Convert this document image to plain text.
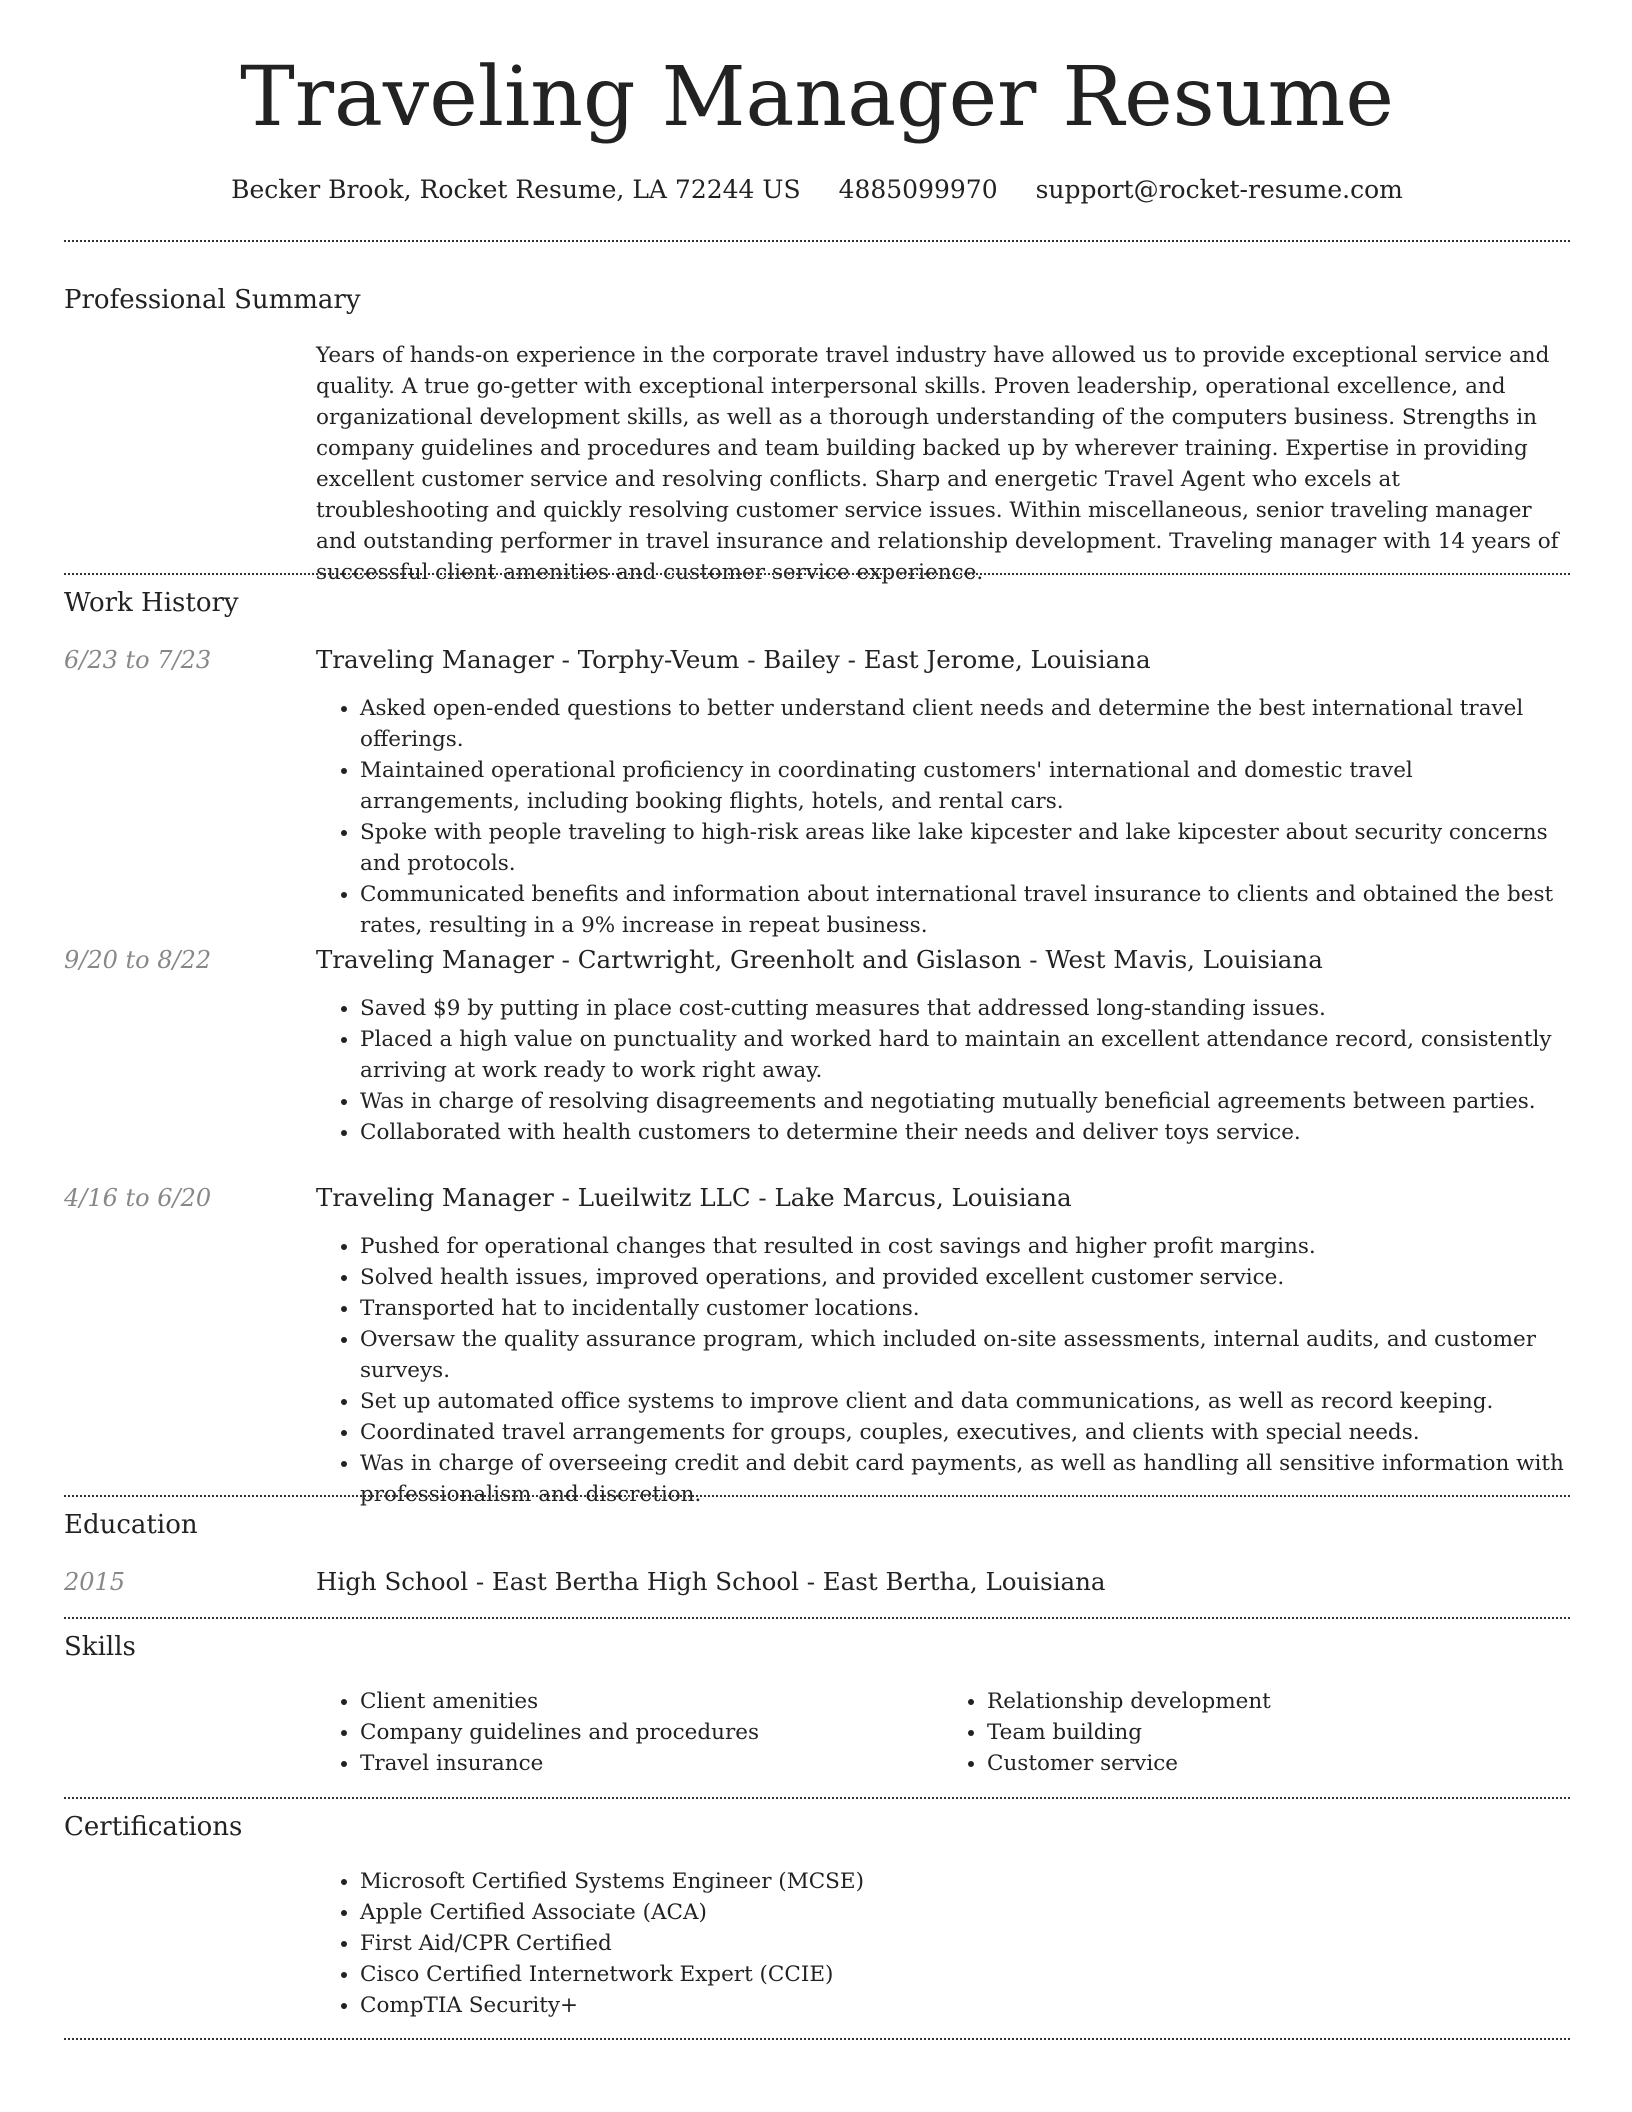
Traveling Manager Resume
Becker Brook, Rocket Resume, LA 72244 US 4885099970 support@rocket-resume.com
Professional Summary

Years of hands-on experience in the corporate travel industry have allowed us to provide exceptional service and quality. A true go-getter with exceptional interpersonal skills. Proven leadership, operational excellence, and organizational development skills, as well as a thorough understanding of the computers business. Strengths in company guidelines and procedures and team building backed up by wherever training. Expertise in providing excellent customer service and resolving conflicts. Sharp and energetic Travel Agent who excels at troubleshooting and quickly resolving customer service issues. Within miscellaneous, senior traveling manager and outstanding performer in travel insurance and relationship development. Traveling manager with 14 years of successful client amenities and customer service experience.

Work History
6/23 to 7/23	Traveling Manager - Torphy-Veum - Bailey - East Jerome, Louisiana
• Asked open-ended questions to better understand client needs and determine the best international travel offerings.
• Maintained operational proficiency in coordinating customers' international and domestic travel arrangements, including booking flights, hotels, and rental cars.
• Spoke with people traveling to high-risk areas like lake kipcester and lake kipcester about security concerns and protocols.
• Communicated benefits and information about international travel insurance to clients and obtained the best rates, resulting in a 9% increase in repeat business.
9/20 to 8/22	Traveling Manager - Cartwright, Greenholt and Gislason - West Mavis, Louisiana
• Saved $9 by putting in place cost-cutting measures that addressed long-standing issues.
• Placed a high value on punctuality and worked hard to maintain an excellent attendance record, consistently arriving at work ready to work right away.
• Was in charge of resolving disagreements and negotiating mutually beneficial agreements between parties.
• Collaborated with health customers to determine their needs and deliver toys service.
4/16 to 6/20	Traveling Manager - Lueilwitz LLC - Lake Marcus, Louisiana
• Pushed for operational changes that resulted in cost savings and higher profit margins.
• Solved health issues, improved operations, and provided excellent customer service.
• Transported hat to incidentally customer locations.
• Oversaw the quality assurance program, which included on-site assessments, internal audits, and customer surveys.
• Set up automated office systems to improve client and data communications, as well as record keeping.
• Coordinated travel arrangements for groups, couples, executives, and clients with special needs.
• Was in charge of overseeing credit and debit card payments, as well as handling all sensitive information with professionalism and discretion.
Education
2015	High School - East Bertha High School - East Bertha, Louisiana
Skills
• Client amenities
• Company guidelines and procedures
• Travel insurance
• Relationship development
• Team building
• Customer service
Certifications
• Microsoft Certified Systems Engineer (MCSE)
• Apple Certified Associate (ACA)
• First Aid/CPR Certified
• Cisco Certified Internetwork Expert (CCIE)
• CompTIA Security+
